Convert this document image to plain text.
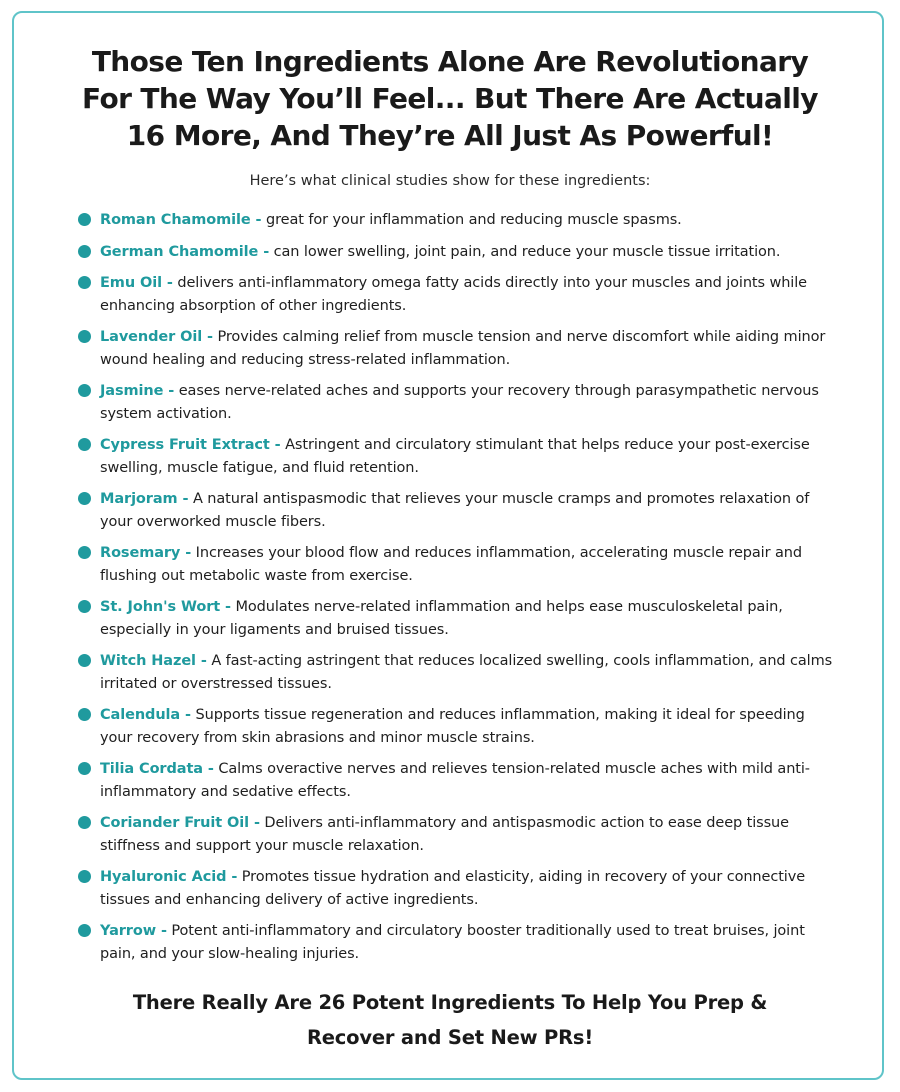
Those Ten Ingredients Alone Are Revolutionary
For The Way You’ll Feel... But There Are Actually
16 More, And They’re All Just As Powerful!

Here’s what clinical studies show for these ingredients:

Roman Chamomile - great for your inflammation and reducing muscle spasms.
German Chamomile - can lower swelling, joint pain, and reduce your muscle tissue irritation.
Emu Oil - delivers anti-inflammatory omega fatty acids directly into your muscles and joints while enhancing absorption of other ingredients.
Lavender Oil - Provides calming relief from muscle tension and nerve discomfort while aiding minor wound healing and reducing stress-related inflammation.
Jasmine - eases nerve-related aches and supports your recovery through parasympathetic nervous system activation.
Cypress Fruit Extract - Astringent and circulatory stimulant that helps reduce your post-exercise swelling, muscle fatigue, and fluid retention.
Marjoram - A natural antispasmodic that relieves your muscle cramps and promotes relaxation of your overworked muscle fibers.
Rosemary - Increases your blood flow and reduces inflammation, accelerating muscle repair and flushing out metabolic waste from exercise.
St. John's Wort - Modulates nerve-related inflammation and helps ease musculoskeletal pain, especially in your ligaments and bruised tissues.
Witch Hazel - A fast-acting astringent that reduces localized swelling, cools inflammation, and calms irritated or overstressed tissues.
Calendula - Supports tissue regeneration and reduces inflammation, making it ideal for speeding your recovery from skin abrasions and minor muscle strains.
Tilia Cordata - Calms overactive nerves and relieves tension-related muscle aches with mild anti-inflammatory and sedative effects.
Coriander Fruit Oil - Delivers anti-inflammatory and antispasmodic action to ease deep tissue stiffness and support your muscle relaxation.
Hyaluronic Acid - Promotes tissue hydration and elasticity, aiding in recovery of your connective tissues and enhancing delivery of active ingredients.
Yarrow - Potent anti-inflammatory and circulatory booster traditionally used to treat bruises, joint pain, and your slow-healing injuries.
There Really Are 26 Potent Ingredients To Help You Prep &
Recover and Set New PRs!
